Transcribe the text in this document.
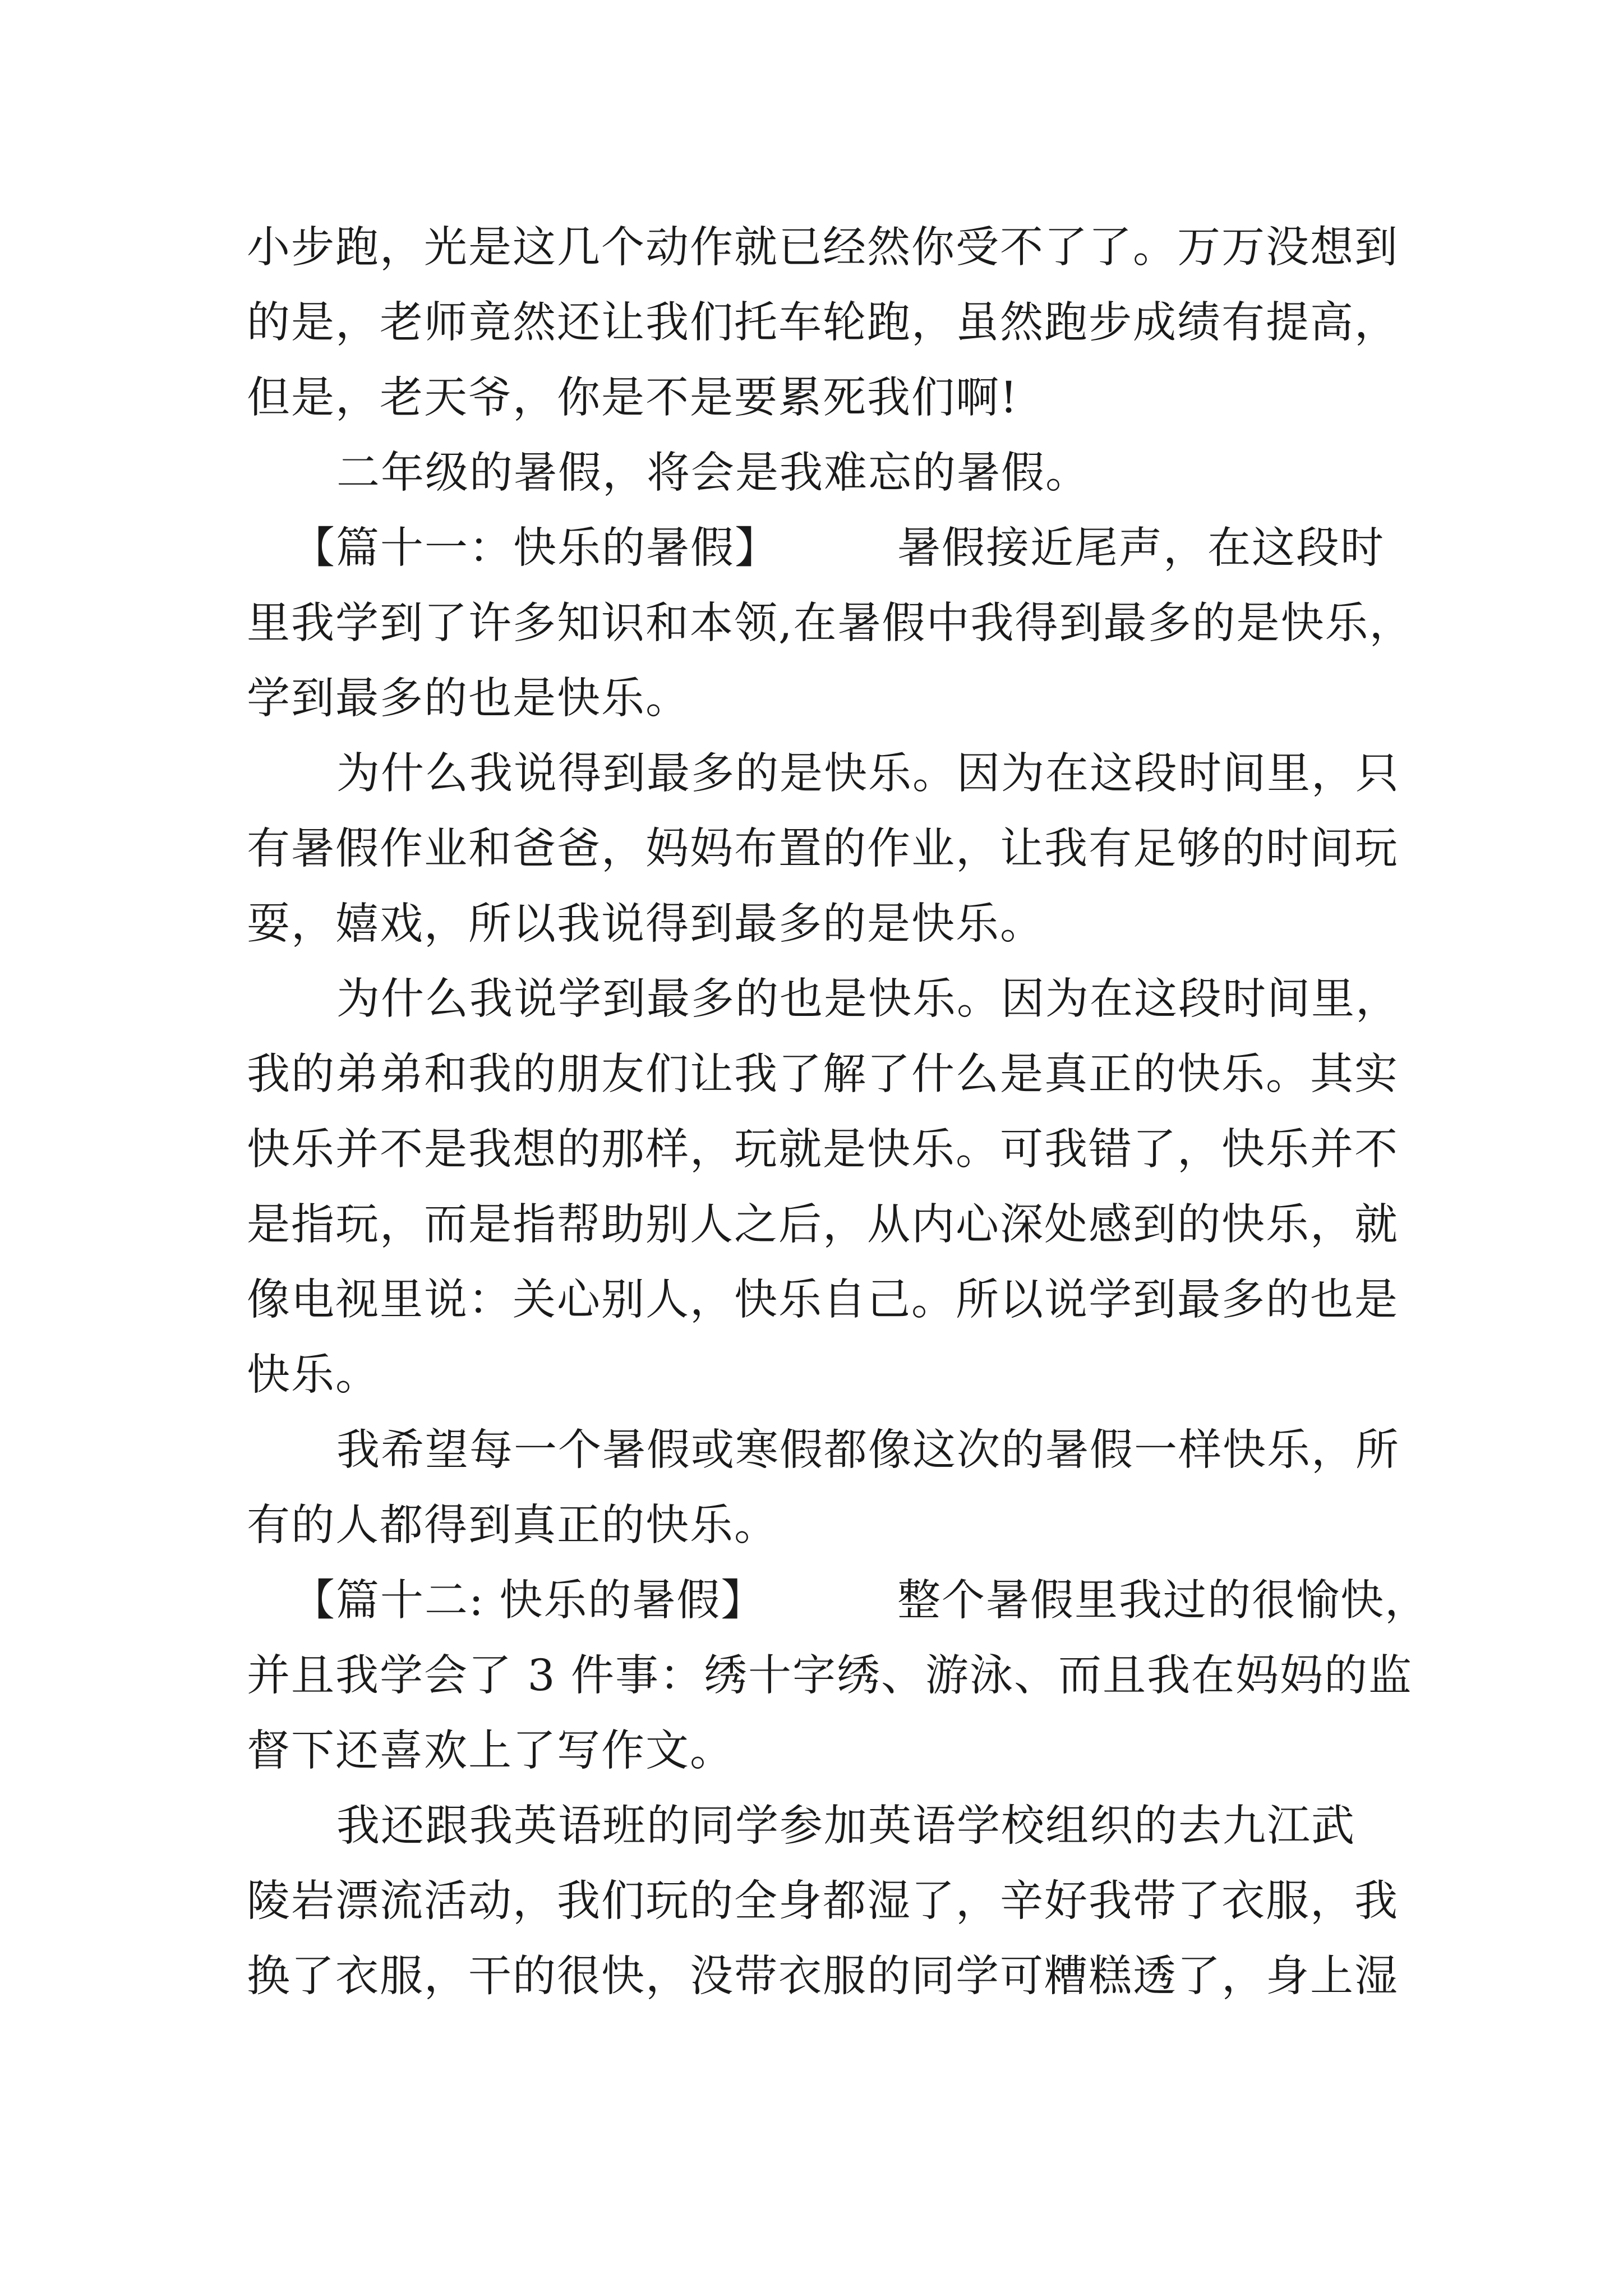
小步跑，光是这几个动作就已经然你受不了了。万万没想到
的是，老师竟然还让我们托车轮跑，虽然跑步成绩有提高，
但是，老天爷，你是不是要累死我们啊!
二年级的暑假，将会是我难忘的暑假。
【篇十一：快乐的暑假】	暑假接近尾声，在这段时
里我学到了许多知识和本领,在暑假中我得到最多的是快乐，
学到最多的也是快乐。
为什么我说得到最多的是快乐。因为在这段时间里，只
有暑假作业和爸爸，妈妈布置的作业，让我有足够的时间玩
耍，嬉戏，所以我说得到最多的是快乐。
为什么我说学到最多的也是快乐。因为在这段时间里，
我的弟弟和我的朋友们让我了解了什么是真正的快乐。其实
快乐并不是我想的那样，玩就是快乐。可我错了，快乐并不
是指玩，而是指帮助别人之后，从内心深处感到的快乐，就
像电视里说：关心别人，快乐自己。所以说学到最多的也是
快乐。
我希望每一个暑假或寒假都像这次的暑假一样快乐，所
有的人都得到真正的快乐。
【篇十二: 快乐的暑假】	整个暑假里我过的很愉快，
并且我学会了 3 件事：绣十字绣、游泳、而且我在妈妈的监
督下还喜欢上了写作文。
我还跟我英语班的同学参加英语学校组织的去九江武
陵岩漂流活动，我们玩的全身都湿了，辛好我带了衣服，我
换了衣服，干的很快，没带衣服的同学可糟糕透了，身上湿
